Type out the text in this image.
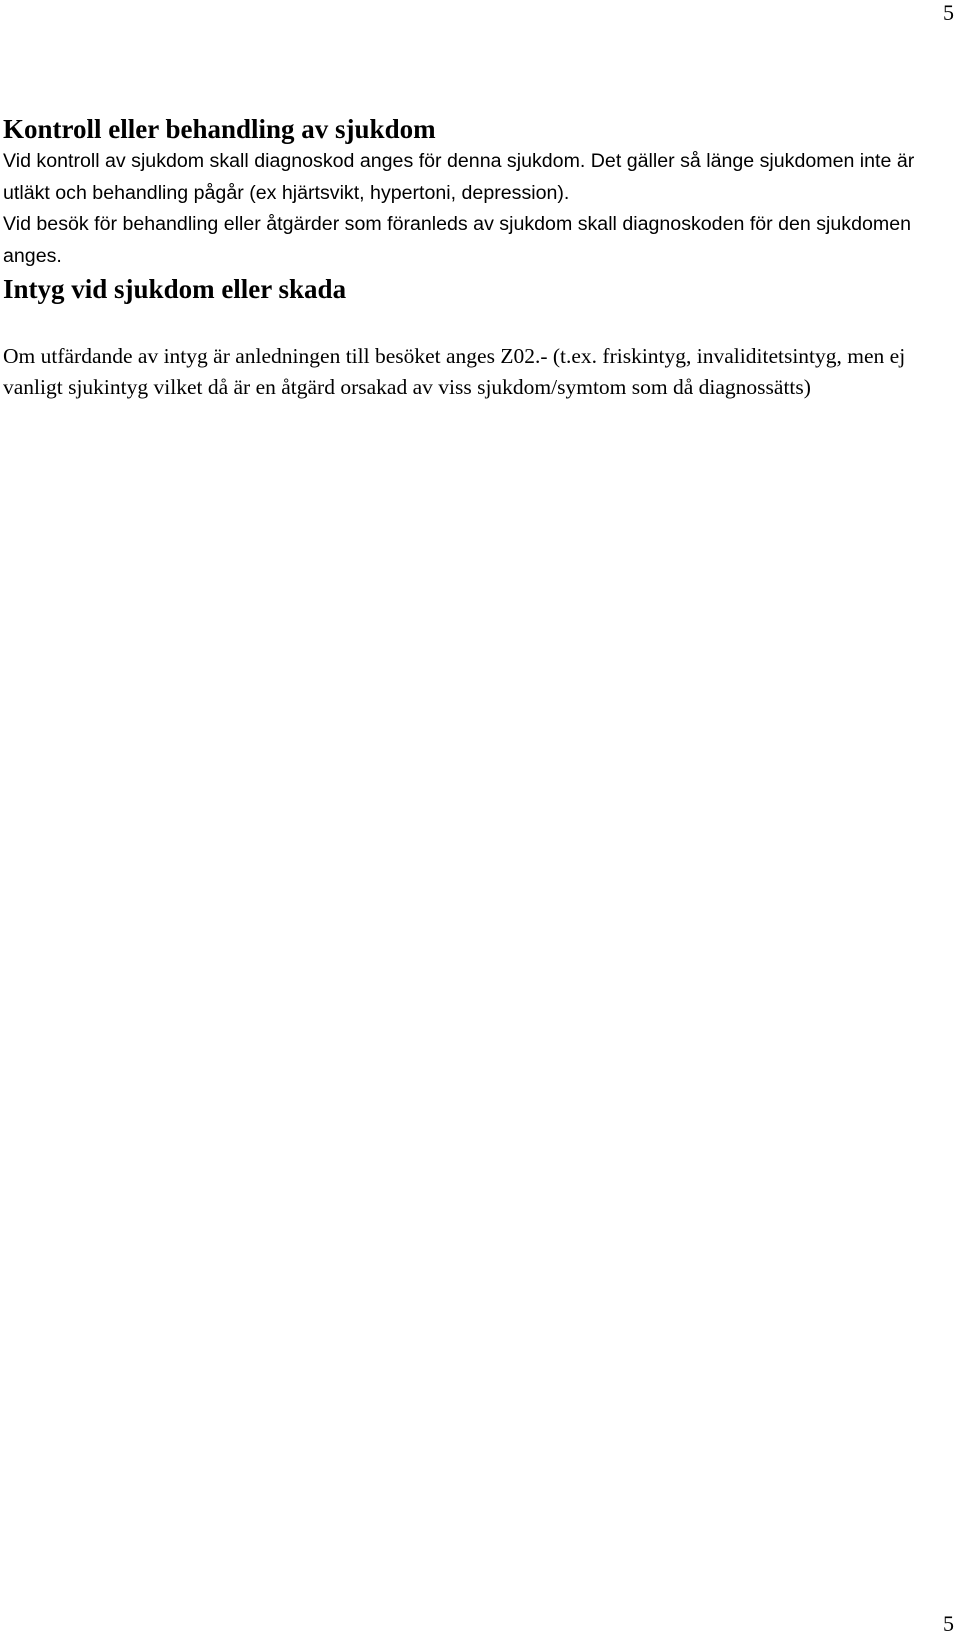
5
Kontroll eller behandling av sjukdom

Vid kontroll av sjukdom skall diagnoskod anges för denna sjukdom. Det gäller så länge sjukdomen inte är utläkt och behandling pågår (ex hjärtsvikt, hypertoni, depression).

Vid besök för behandling eller åtgärder som föranleds av sjukdom skall diagnoskoden för den sjukdomen anges.

Intyg vid sjukdom eller skada

Om utfärdande av intyg är anledningen till besöket anges Z02.- (t.ex. friskintyg, invaliditetsintyg, men ej vanligt sjukintyg vilket då är en åtgärd orsakad av viss sjukdom/symtom som då diagnossätts)

5
